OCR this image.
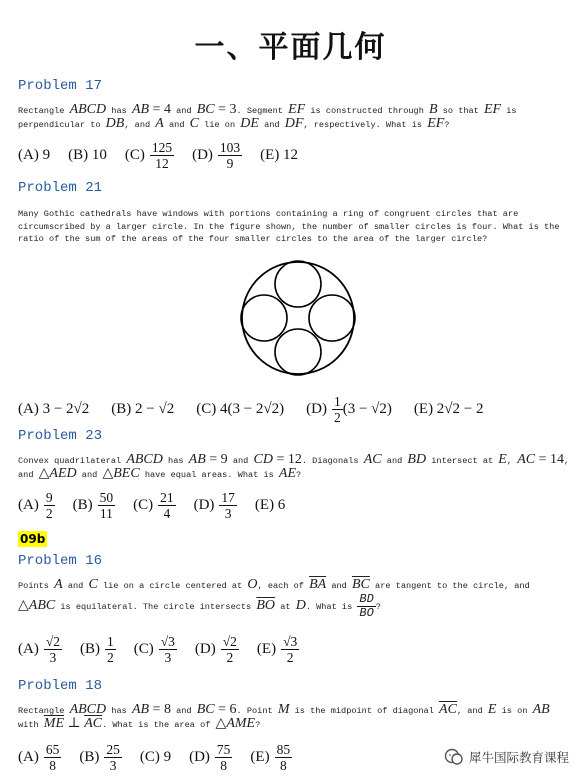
一、平面几何
Problem 17
Rectangle ABCD has AB = 4 and BC = 3. Segment EF is constructed through B so that EF is perpendicular to DB, and A and C lie on DE and DF, respectively. What is EF?
(A) 9 (B) 10 $(C) \frac{125}{12} (D) \frac{103}{9} (E)$ 12
Problem 21
Many Gothic cathedrals have windows with portions containing a ring of congruent circles that are circumscribed by a larger circle. In the figure shown, the number of smaller circles is four. What is the ratio of the sum of the areas of the four smaller circles to the area of the larger circle?
(A) 3 − 2√2 (B) 2 − √2 (C) 4(3 − 2√2) $(D) \frac{1}{2} (3 - √2)$ (E) 2√2 − 2
Problem 23
Convex quadrilateral ABCD has AB = 9 and CD = 12. Diagonals AC and BD intersect at E, AC = 14, and △AED and △BEC have equal areas. What is AE?
$(A) \frac{9}{2} (B) \frac{50}{11} (C) \frac{21}{4} (D) \frac{17}{3} (E)$ 6
09b
Problem 16
Points A and C lie on a circle centered at O, each of $\overline{BA}$ and $\overline{BC}$ are tangent to the circle, and △ABC is equilateral. The circle intersects $\overline{BO}$ at D. What is $\frac{BD}{BO}$ ?
$(A) \frac{√2}{3} (B) \frac{1}{2} (C) \frac{√3}{3} (D) \frac{√2}{2} (E) \frac{√3}{2}$
Problem 18
Rectangle ABCD has AB = 8 and BC = 6. Point M is the midpoint of diagonal $\overline{AC}$, and E is on AB with $\overline{ME}$ ⊥ $\overline{AC}$. What is the area of △AME?
$(A) \frac{65}{8} (B) \frac{25}{3} (C)$ 9 $(D) \frac{75}{8} (E) \frac{85}{8}$	犀牛国际教育课程
